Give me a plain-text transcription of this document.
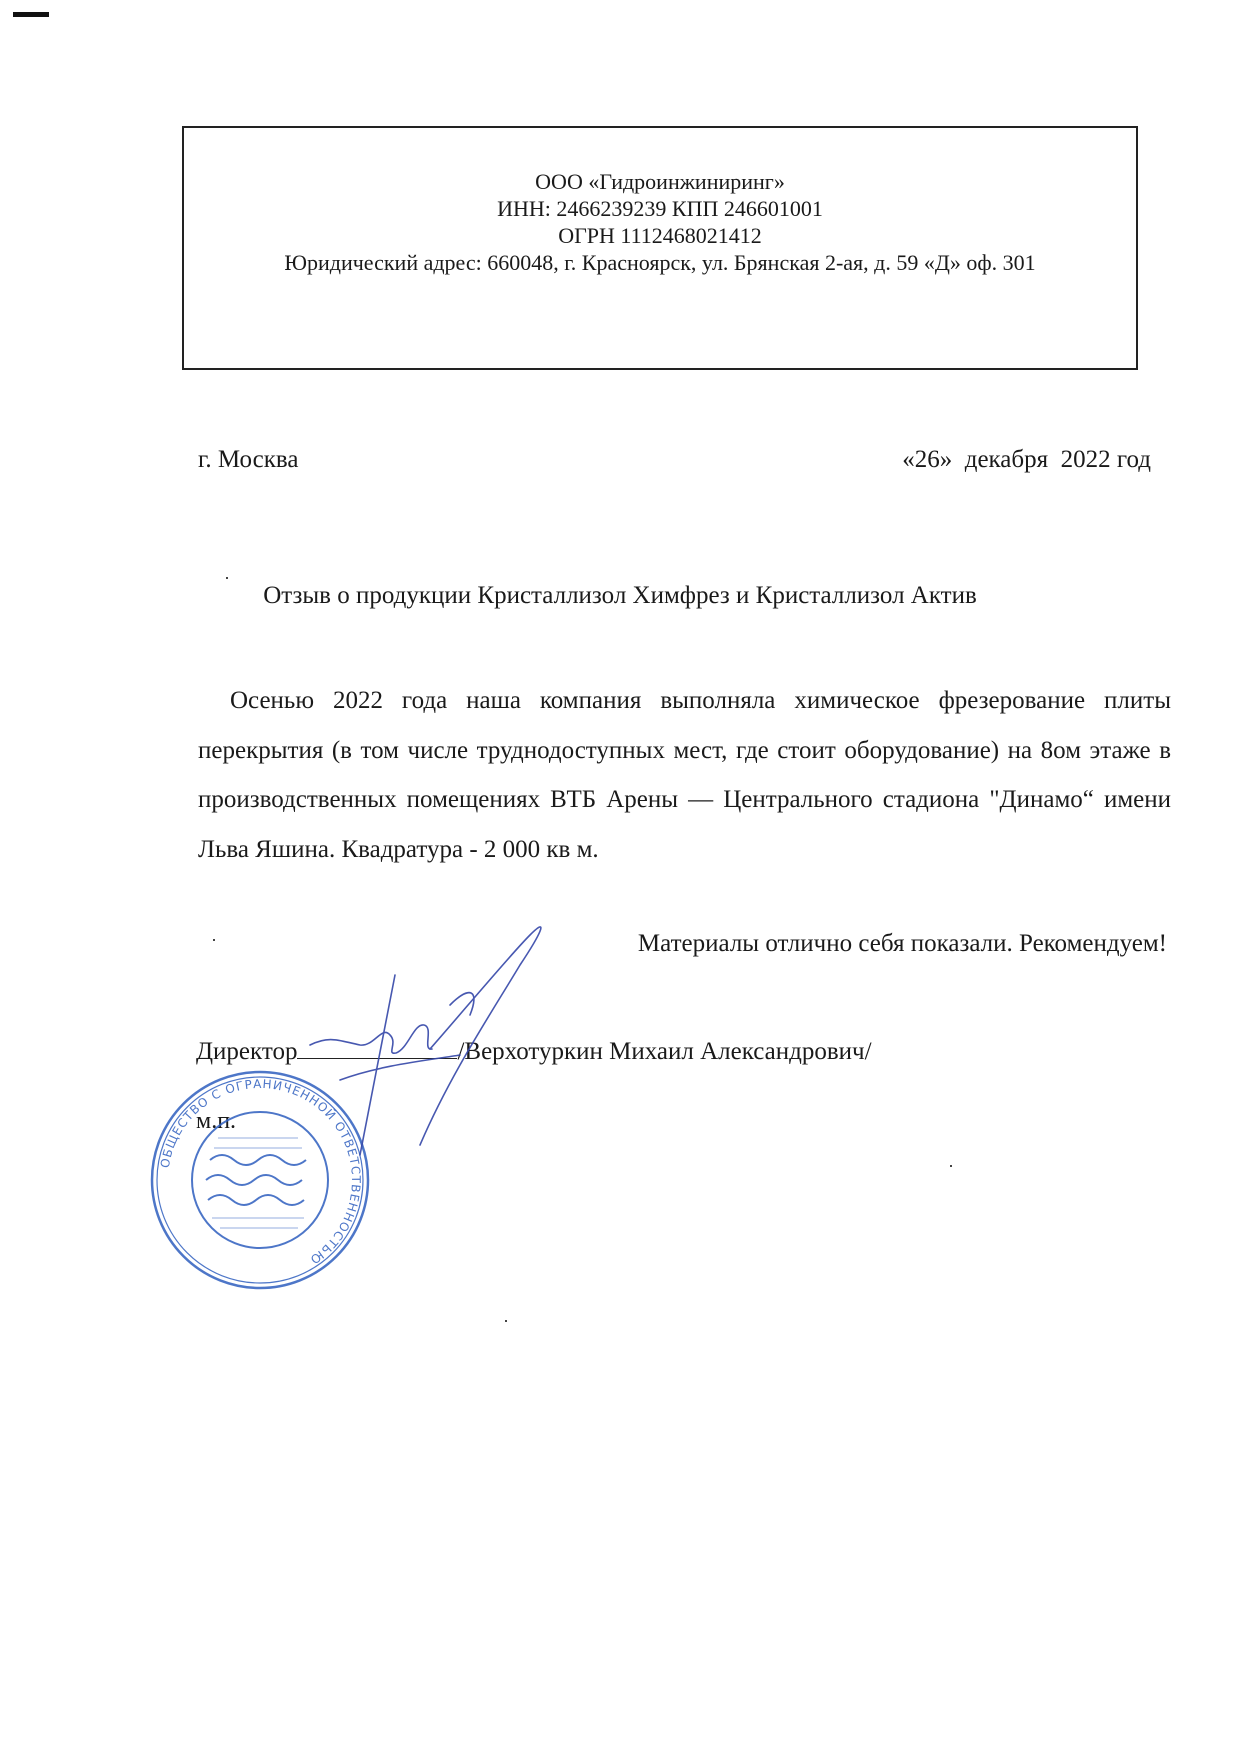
ООО «Гидроинжиниринг»
ИНН: 2466239239 КПП 246601001
ОГРН 1112468021412
Юридический адрес: 660048, г. Красноярск, ул. Брянская 2-ая, д. 59 «Д» оф. 301
г. Москва	«26»  декабря  2022 год
Отзыв о продукции Кристаллизол Химфрез и Кристаллизол Актив

Осенью 2022 года наша компания выполняла химическое фрезерование плиты перекрытия (в том числе труднодоступных мест, где стоит оборудование) на 8ом этаже в производственных помещениях ВТБ Арены — Центрального стадиона "Динамо“ имени Льва Яшина. Квадратура - 2 000 кв м.

Материалы отлично себя показали. Рекомендуем!
Директор	/Верхотуркин Михаил Александрович/
м.п.
ОБЩЕСТВО С ОГРАНИЧЕННОЙ ОТВЕТСТВЕННОСТЬЮ
